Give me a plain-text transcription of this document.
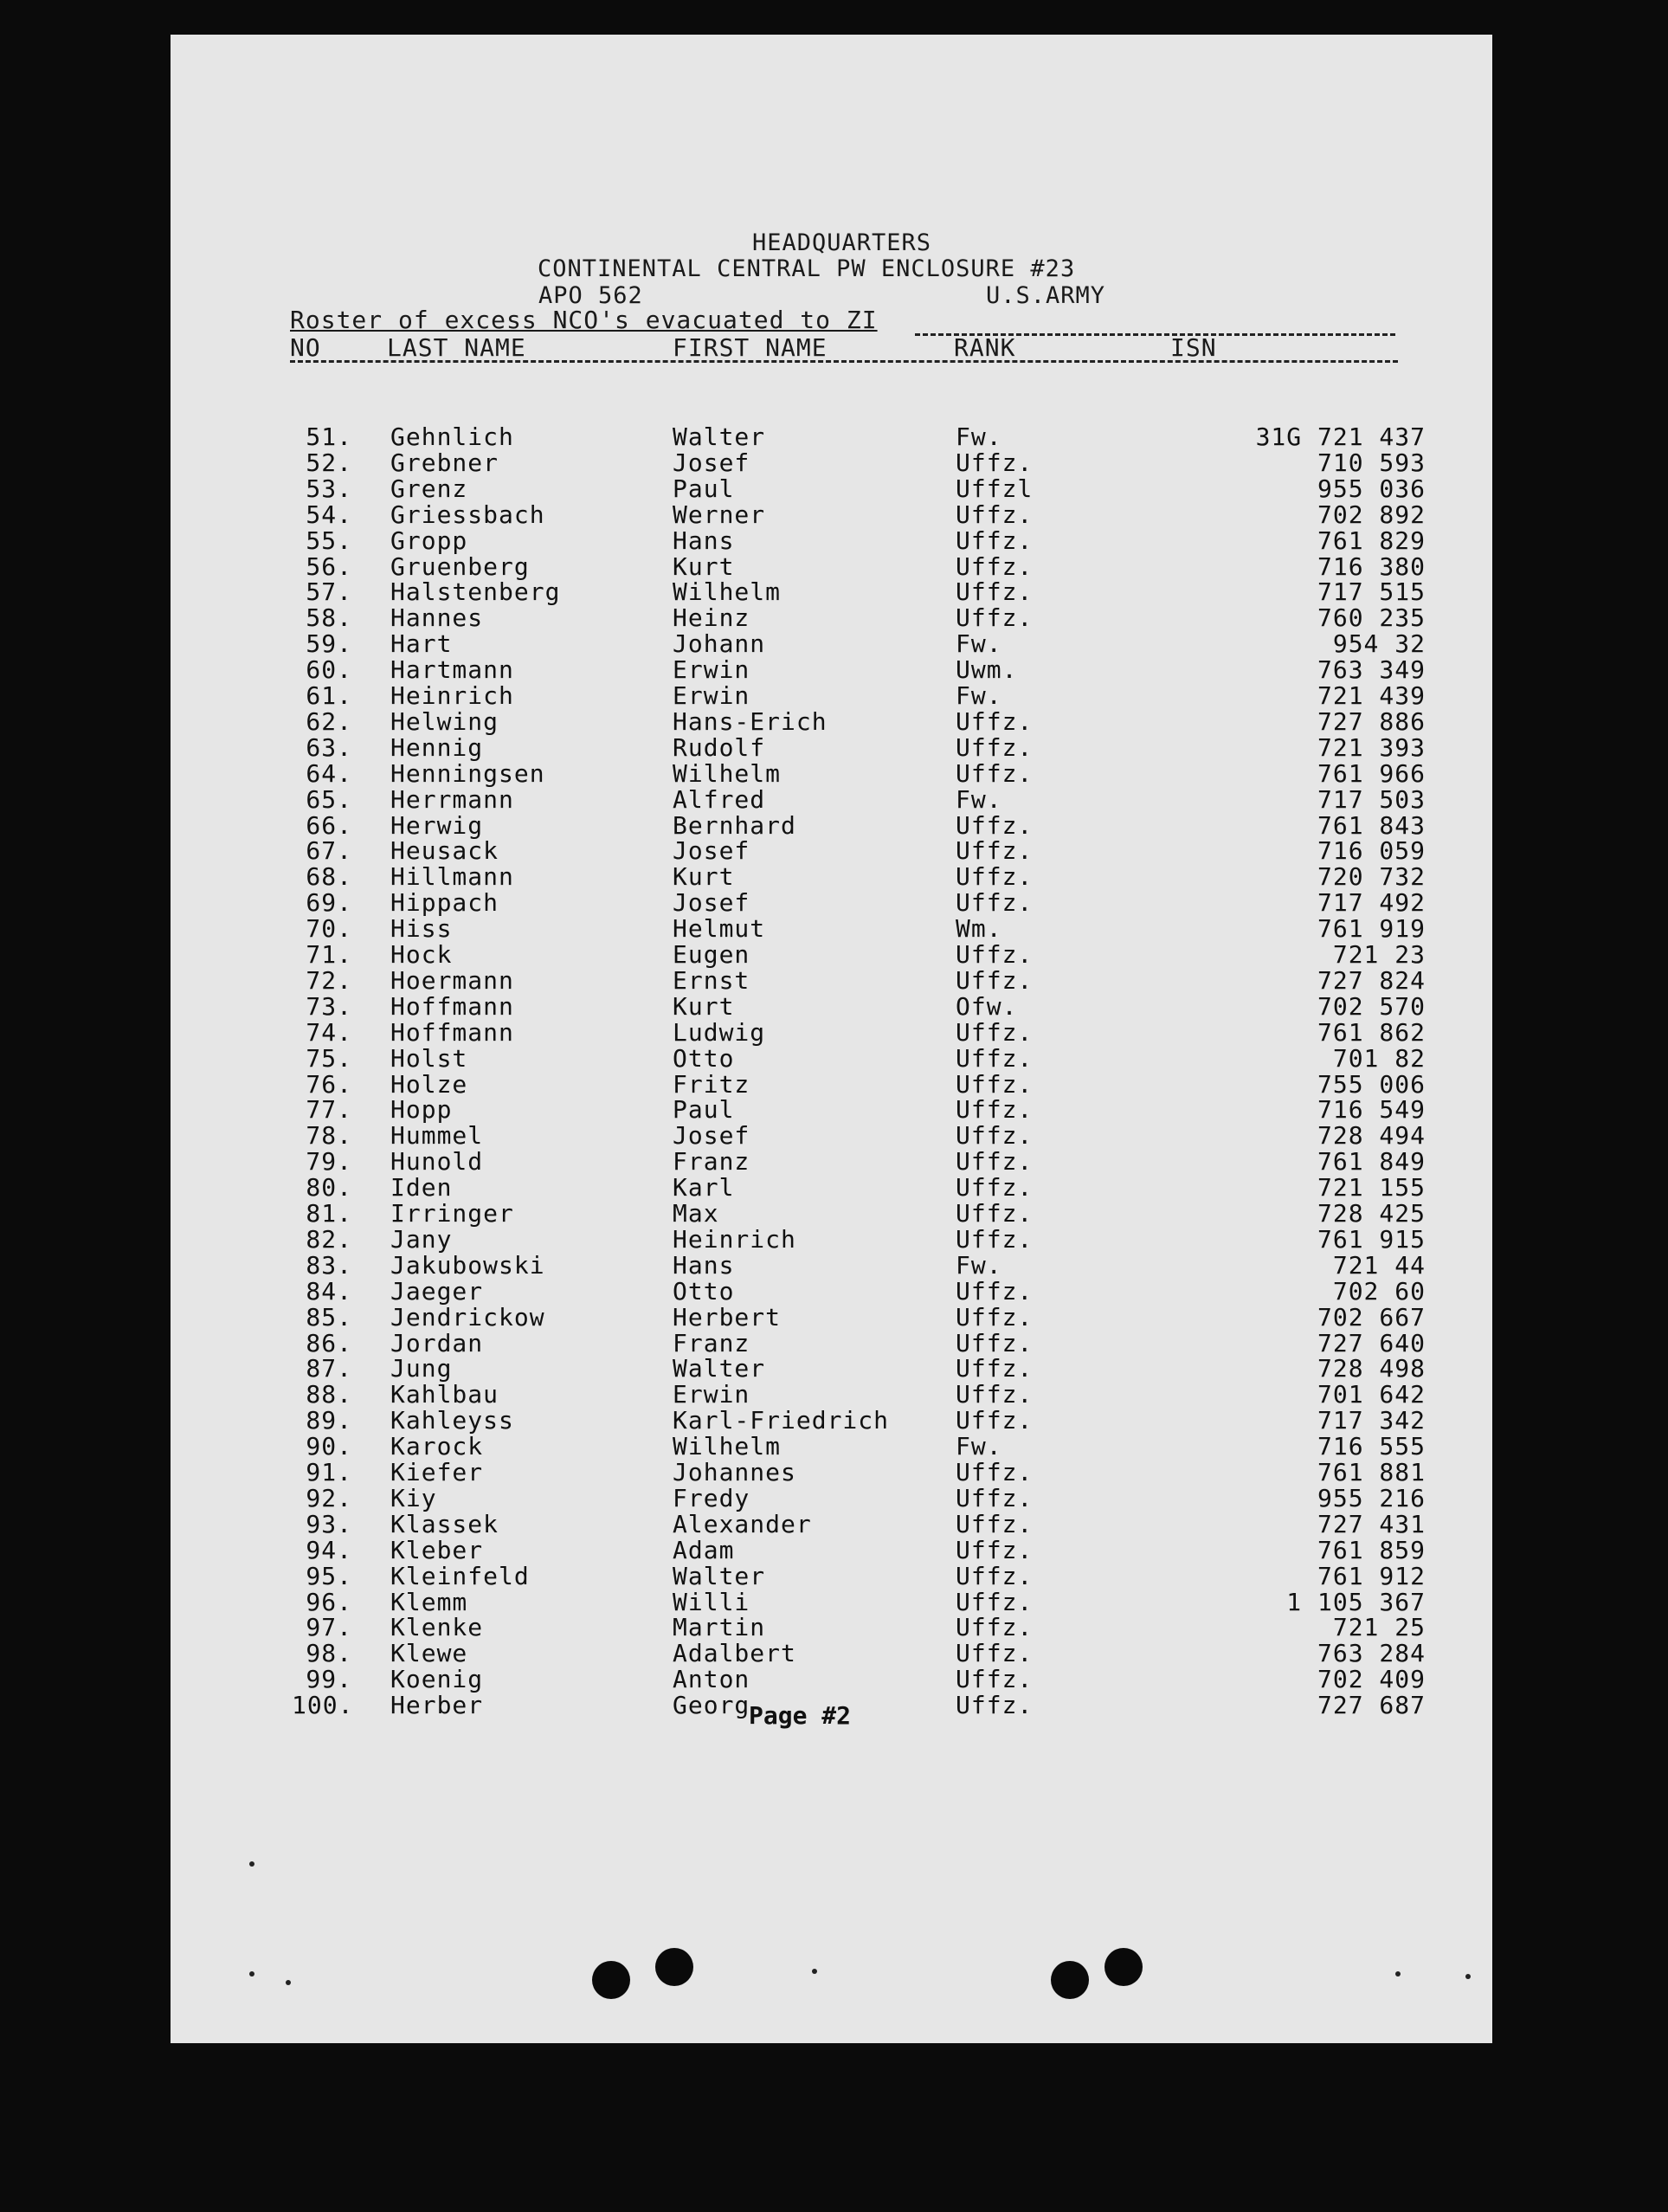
HEADQUARTERS
CONTINENTAL CENTRAL PW ENCLOSURE #23
APO 562	U.S.ARMY
Roster of excess NCO's evacuated to ZI
NO	LAST NAME	FIRST NAME	RANK	ISN
51. Gehnlich	Walter	Fw.	31G 721 437
52. Grebner	Josef	Uffz.	710 593
53. Grenz	Paul	Uffzl	955 036
54. Griessbach	Werner	Uffz.	702 892
55. Gropp	Hans	Uffz.	761 829
56. Gruenberg	Kurt	Uffz.	716 380
57. Halstenberg	Wilhelm	Uffz.	717 515
58. Hannes	Heinz	Uffz.	760 235
59. Hart	Johann	Fw.	954 32
60. Hartmann	Erwin	Uwm.	763 349
61. Heinrich	Erwin	Fw.	721 439
62. Helwing	Hans-Erich	Uffz.	727 886
63. Hennig	Rudolf	Uffz.	721 393
64. Henningsen	Wilhelm	Uffz.	761 966
65. Herrmann	Alfred	Fw.	717 503
66. Herwig	Bernhard	Uffz.	761 843
67. Heusack	Josef	Uffz.	716 059
68. Hillmann	Kurt	Uffz.	720 732
69. Hippach	Josef	Uffz.	717 492
70. Hiss	Helmut	Wm.	761 919
71. Hock	Eugen	Uffz.	721 23
72. Hoermann	Ernst	Uffz.	727 824
73. Hoffmann	Kurt	Ofw.	702 570
74. Hoffmann	Ludwig	Uffz.	761 862
75. Holst	Otto	Uffz.	701 82
76. Holze	Fritz	Uffz.	755 006
77. Hopp	Paul	Uffz.	716 549
78. Hummel	Josef	Uffz.	728 494
79. Hunold	Franz	Uffz.	761 849
80. Iden	Karl	Uffz.	721 155
81. Irringer	Max	Uffz.	728 425
82. Jany	Heinrich	Uffz.	761 915
83. Jakubowski	Hans	Fw.	721 44
84. Jaeger	Otto	Uffz.	702 60
85. Jendrickow	Herbert	Uffz.	702 667
86. Jordan	Franz	Uffz.	727 640
87. Jung	Walter	Uffz.	728 498
88. Kahlbau	Erwin	Uffz.	701 642
89. Kahleyss	Karl-Friedrich	Uffz.	717 342
90. Karock	Wilhelm	Fw.	716 555
91. Kiefer	Johannes	Uffz.	761 881
92. Kiy	Fredy	Uffz.	955 216
93. Klassek	Alexander	Uffz.	727 431
94. Kleber	Adam	Uffz.	761 859
95. Kleinfeld	Walter	Uffz.	761 912
96. Klemm	Willi	Uffz.	1 105 367
97. Klenke	Martin	Uffz.	721 25
98. Klewe	Adalbert	Uffz.	763 284
99. Koenig	Anton	Uffz.	702 409
100. Herber	Georg	Uffz.	727 687
Page #2
